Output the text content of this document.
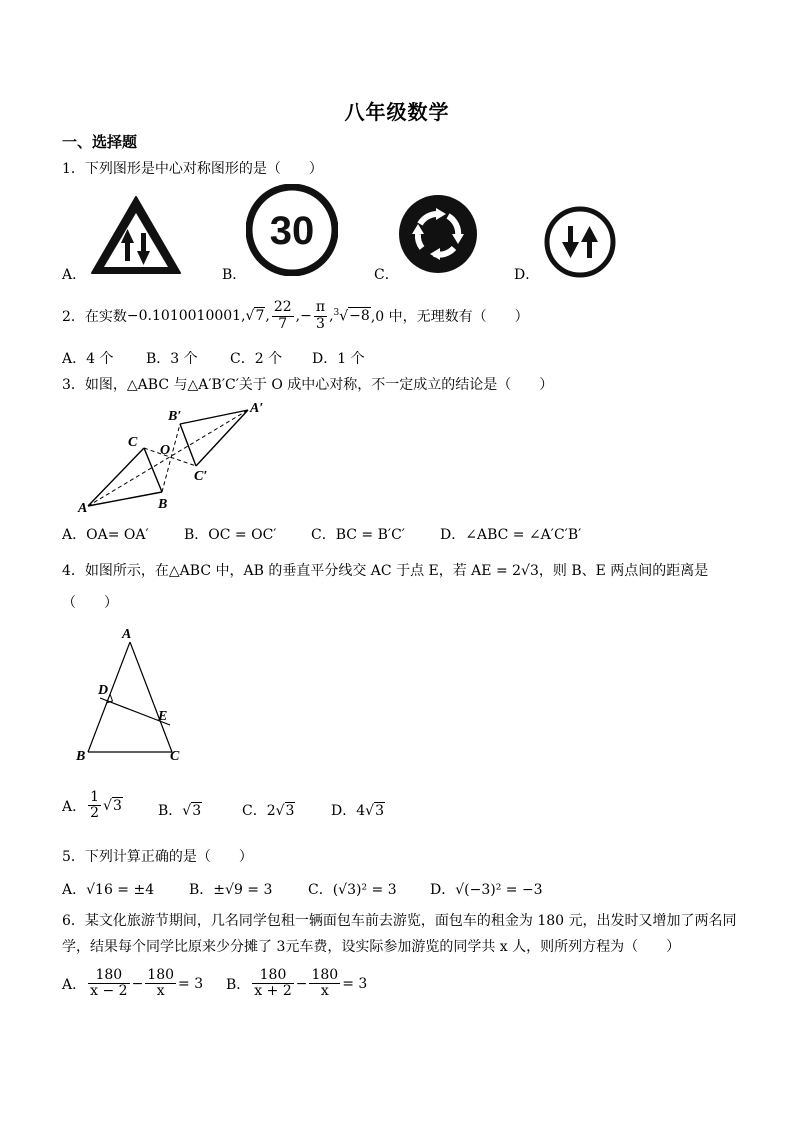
八年级数学
一、选择题
1．下列图形是中心对称图形的是（　　）
A．
30
B．	C．	D．
2．在实数 −0.1010010001, √7, $\frac{22}{7}$ ,− $\frac{\pi}{3}$ , $^3$√−8 ,0 中，无理数有（　　）
A．4 个 B．3 个 C．2 个 D．1 个
3．如图，△ABC 与△A′B′C′关于 O 成中心对称，不一定成立的结论是（　　）
A	B
C
O
A′
B′
C′
A．OA= OA′	B．OC = OC′ C．BC = B′C′	D．∠ABC = ∠A′C′B′
4．如图所示，在△ABC 中，AB 的垂直平分线交 AC 于点 E，若 AE = 2√3，则 B、E 两点间的距离是
（　　）
A
B	C
D
E
A． $\frac{1}{2} √3$	B．√3	C．2√3	D．4√3
5．下列计算正确的是（　　）
A．√16 = ±4 B．±√9 = 3	C．(√3)² = 3 D．√(−3)² = −3
6．某文化旅游节期间，几名同学包租一辆面包车前去游览，面包车的租金为 180 元，出发时又增加了两名同
学，结果每个同学比原来少分摊了 3元车费，设实际参加游览的同学共 x 人，则所列方程为（　　）
A． $\frac{180}{x - 2} - \frac{180}{x} = 3$ B． $\frac{180}{x + 2} - \frac{180}{x} = 3$
